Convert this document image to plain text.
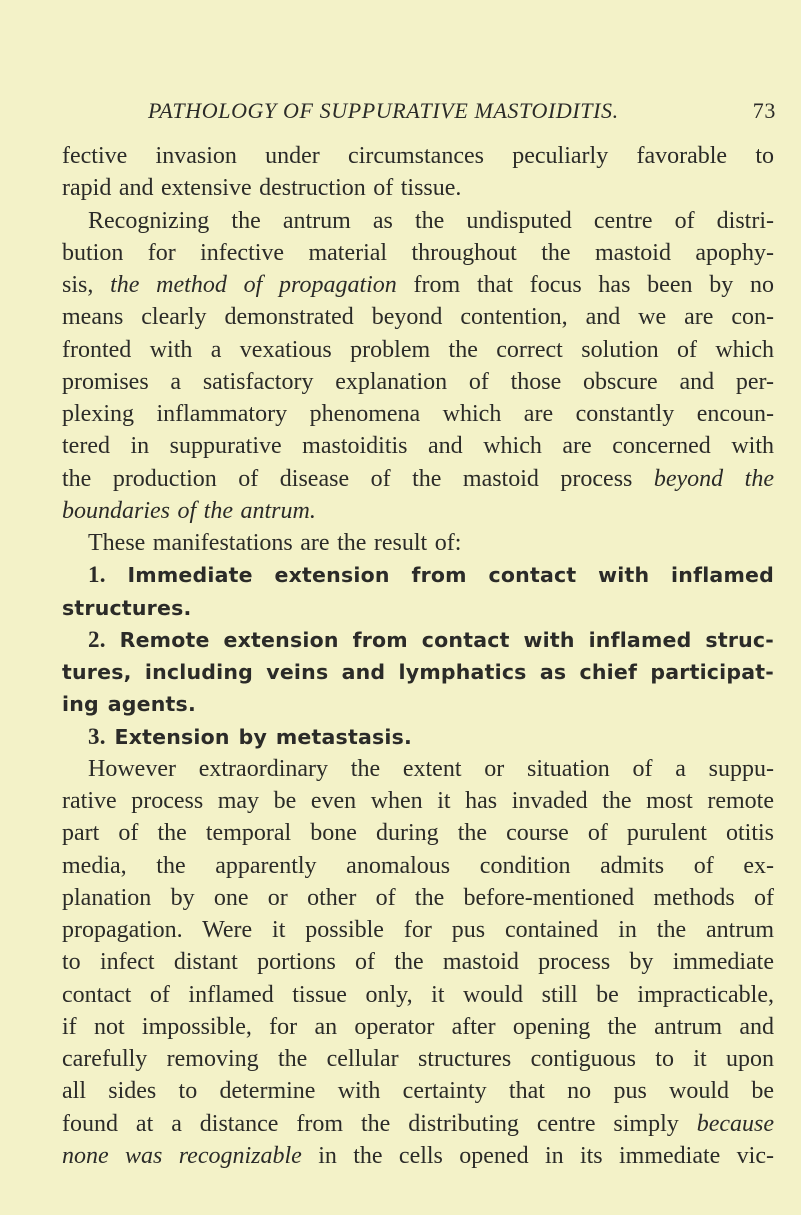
PATHOLOGY OF SUPPURATIVE MASTOIDITIS.	73

fective invasion under circumstances peculiarly favorable to
rapid and extensive destruction of tissue.

Recognizing the antrum as the undisputed centre of distri-
bution for infective material throughout the mastoid apophy-
sis, the method of propagation from that focus has been by no
means clearly demonstrated beyond contention, and we are con-
fronted with a vexatious problem the correct solution of which
promises a satisfactory explanation of those obscure and per-
plexing inflammatory phenomena which are constantly encoun-
tered in suppurative mastoiditis and which are concerned with
the production of disease of the mastoid process beyond the
boundaries of the antrum.

These manifestations are the result of:

1. Immediate extension from contact with inflamed
structures.

2. Remote extension from contact with inflamed struc-
tures, including veins and lymphatics as chief participat-
ing agents.

3. Extension by metastasis.

However extraordinary the extent or situation of a suppu-
rative process may be even when it has invaded the most remote
part of the temporal bone during the course of purulent otitis
media, the apparently anomalous condition admits of ex-
planation by one or other of the before-mentioned methods of
propagation. Were it possible for pus contained in the antrum
to infect distant portions of the mastoid process by immediate
contact of inflamed tissue only, it would still be impracticable,
if not impossible, for an operator after opening the antrum and
carefully removing the cellular structures contiguous to it upon
all sides to determine with certainty that no pus would be
found at a distance from the distributing centre simply because
none was recognizable in the cells opened in its immediate vic-
